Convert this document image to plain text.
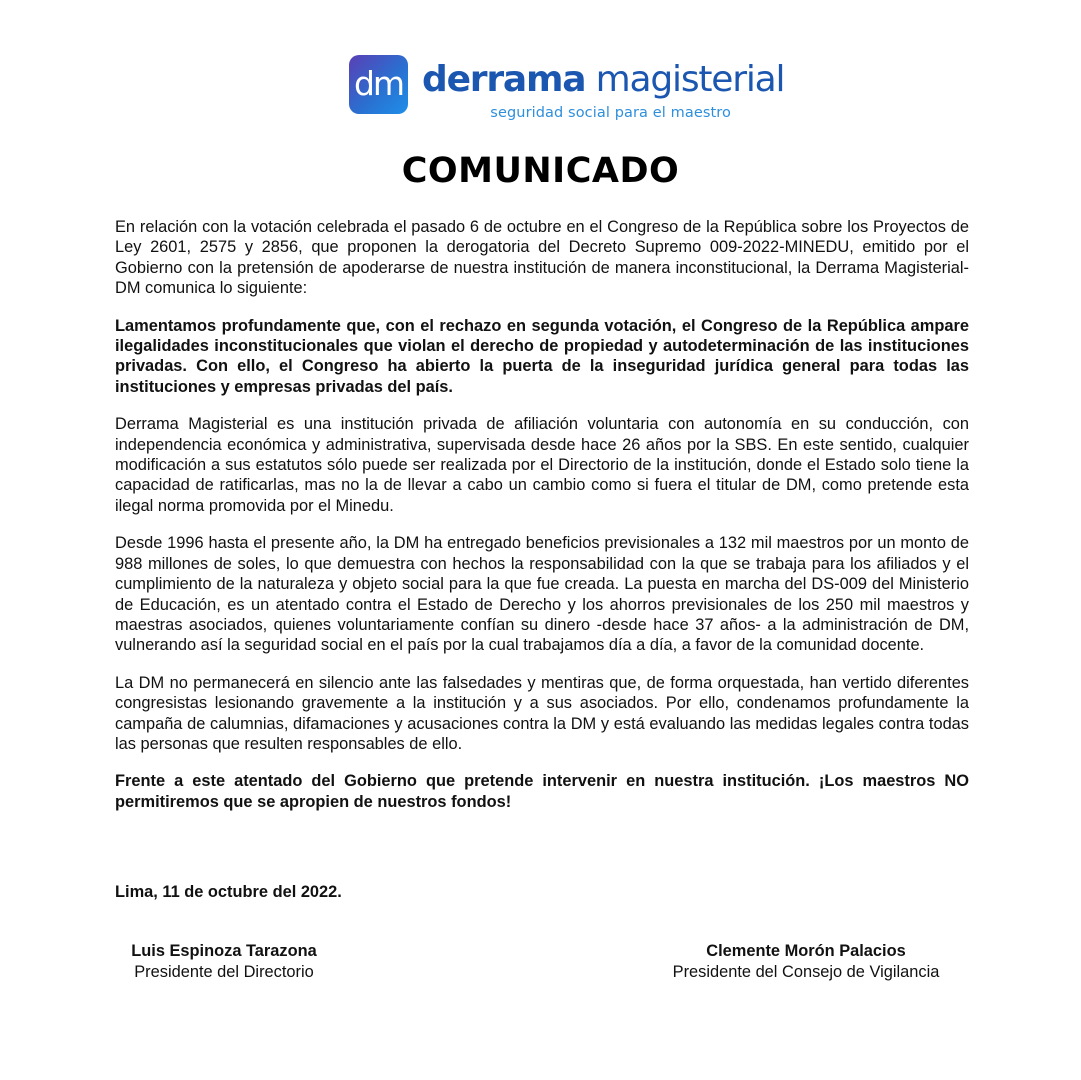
dm derrama magisterial
seguridad social para el maestro
COMUNICADO

En relación con la votación celebrada el pasado 6 de octubre en el Congreso de la República sobre los Proyectos de Ley 2601, 2575 y 2856, que proponen la derogatoria del Decreto Supremo 009-2022-MINEDU, emitido por el Gobierno con la pretensión de apoderarse de nuestra institución de manera inconstitucional, la Derrama Magisterial-DM comunica lo siguiente:

Lamentamos profundamente que, con el rechazo en segunda votación, el Congreso de la República ampare ilegalidades inconstitucionales que violan el derecho de propiedad y autodeterminación de las instituciones privadas. Con ello, el Congreso ha abierto la puerta de la inseguridad jurídica general para todas las instituciones y empresas privadas del país.

Derrama Magisterial es una institución privada de afiliación voluntaria con autonomía en su conducción, con independencia económica y administrativa, supervisada desde hace 26 años por la SBS. En este sentido, cualquier modificación a sus estatutos sólo puede ser realizada por el Directorio de la institución, donde el Estado solo tiene la capacidad de ratificarlas, mas no la de llevar a cabo un cambio como si fuera el titular de DM, como pretende esta ilegal norma promovida por el Minedu.

Desde 1996 hasta el presente año, la DM ha entregado beneficios previsionales a 132 mil maestros por un monto de 988 millones de soles, lo que demuestra con hechos la responsabilidad con la que se trabaja para los afiliados y el cumplimiento de la naturaleza y objeto social para la que fue creada. La puesta en marcha del DS-009 del Ministerio de Educación, es un atentado contra el Estado de Derecho y los ahorros previsionales de los 250 mil maestros y maestras asociados, quienes voluntariamente confían su dinero -desde hace 37 años- a la administración de DM, vulnerando así la seguridad social en el país por la cual trabajamos día a día, a favor de la comunidad docente.

La DM no permanecerá en silencio ante las falsedades y mentiras que, de forma orquestada, han vertido diferentes congresistas lesionando gravemente a la institución y a sus asociados. Por ello, condenamos profundamente la campaña de calumnias, difamaciones y acusaciones contra la DM y está evaluando las medidas legales contra todas las personas que resulten responsables de ello.

Frente a este atentado del Gobierno que pretende intervenir en nuestra institución. ¡Los maestros NO permitiremos que se apropien de nuestros fondos!

Lima, 11 de octubre del 2022.
Luis Espinoza Tarazona
Presidente del Directorio
Clemente Morón Palacios
Presidente del Consejo de Vigilancia
